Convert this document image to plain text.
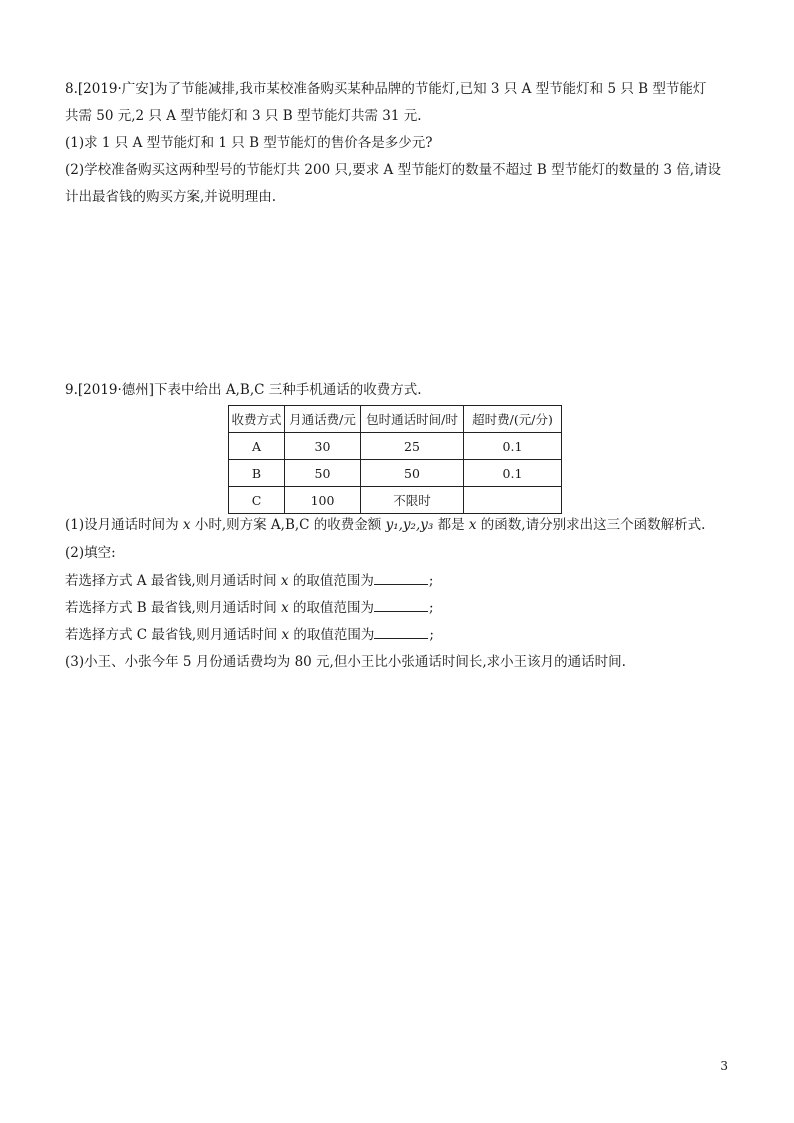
8.[2019·广安]为了节能减排,我市某校准备购买某种品牌的节能灯,已知 3 只 A 型节能灯和 5 只 B 型节能灯
共需 50 元,2 只 A 型节能灯和 3 只 B 型节能灯共需 31 元.
(1)求 1 只 A 型节能灯和 1 只 B 型节能灯的售价各是多少元?
(2)学校准备购买这两种型号的节能灯共 200 只,要求 A 型节能灯的数量不超过 B 型节能灯的数量的 3 倍,请设
计出最省钱的购买方案,并说明理由.
9.[2019·德州]下表中给出 A,B,C 三种手机通话的收费方式.
收费方式	月通话费/元	包时通话时间/时	超时费/(元/分)
A	30	25	0.1
B	50	50	0.1
C	100	不限时	
(1)设月通话时间为 x 小时,则方案 A,B,C 的收费金额 y₁,y₂,y₃ 都是 x 的函数,请分别求出这三个函数解析式.
(2)填空:
若选择方式 A 最省钱,则月通话时间 x 的取值范围为	;
若选择方式 B 最省钱,则月通话时间 x 的取值范围为	;
若选择方式 C 最省钱,则月通话时间 x 的取值范围为	;
(3)小王、小张今年 5 月份通话费均为 80 元,但小王比小张通话时间长,求小王该月的通话时间.
3
